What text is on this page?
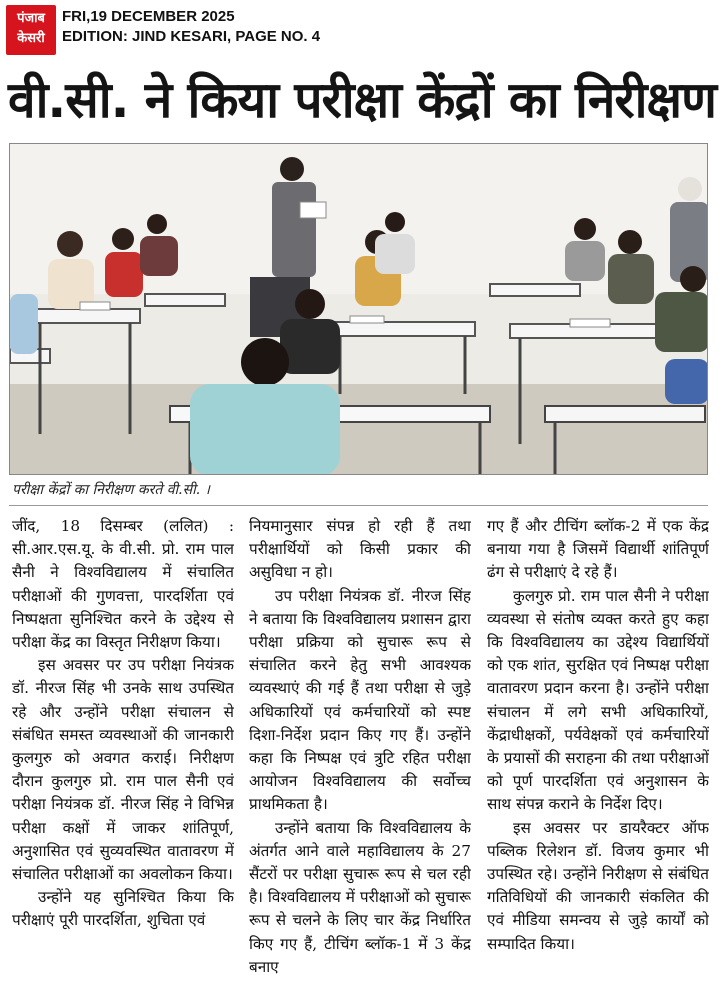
पंजाब
केसरी
FRI,19 DECEMBER 2025
EDITION: JIND KESARI, PAGE NO. 4
वी.सी. ने किया परीक्षा केंद्रों का निरीक्षण
परीक्षा केंद्रों का निरीक्षण करते वी.सी. ।

जींद, 18 दिसम्बर (ललित) : सी.आर.एस.यू. के वी.सी. प्रो. राम पाल सैनी ने विश्वविद्यालय में संचालित परीक्षाओं की गुणवत्ता, पारदर्शिता एवं निष्पक्षता सुनिश्चित करने के उद्देश्य से परीक्षा केंद्र का विस्तृत निरीक्षण किया।

इस अवसर पर उप परीक्षा नियंत्रक डॉ. नीरज सिंह भी उनके साथ उपस्थित रहे और उन्होंने परीक्षा संचालन से संबंधित समस्त व्यवस्थाओं की जानकारी कुलगुरु को अवगत कराई। निरीक्षण दौरान कुलगुरु प्रो. राम पाल सैनी एवं परीक्षा नियंत्रक डॉ. नीरज सिंह ने विभिन्न परीक्षा कक्षों में जाकर शांतिपूर्ण, अनुशासित एवं सुव्यवस्थित वातावरण में संचालित परीक्षाओं का अवलोकन किया।

उन्होंने यह सुनिश्चित किया कि परीक्षाएं पूरी पारदर्शिता, शुचिता एवं

नियमानुसार संपन्न हो रही हैं तथा परीक्षार्थियों को किसी प्रकार की असुविधा न हो।

उप परीक्षा नियंत्रक डॉ. नीरज सिंह ने बताया कि विश्वविद्यालय प्रशासन द्वारा परीक्षा प्रक्रिया को सुचारू रूप से संचालित करने हेतु सभी आवश्यक व्यवस्थाएं की गई हैं तथा परीक्षा से जुड़े अधिकारियों एवं कर्मचारियों को स्पष्ट दिशा-निर्देश प्रदान किए गए हैं। उन्होंने कहा कि निष्पक्ष एवं त्रुटि रहित परीक्षा आयोजन विश्वविद्यालय की सर्वोच्च प्राथमिकता है।

उन्होंने बताया कि विश्वविद्यालय के अंतर्गत आने वाले महाविद्यालय के 27 सैंटरों पर परीक्षा सुचारू रूप से चल रही है। विश्वविद्यालय में परीक्षाओं को सुचारू रूप से चलने के लिए चार केंद्र निर्धारित किए गए हैं, टीचिंग ब्लॉक-1 में 3 केंद्र बनाए

गए हैं और टीचिंग ब्लॉक-2 में एक केंद्र बनाया गया है जिसमें विद्यार्थी शांतिपूर्ण ढंग से परीक्षाएं दे रहे हैं।

कुलगुरु प्रो. राम पाल सैनी ने परीक्षा व्यवस्था से संतोष व्यक्त करते हुए कहा कि विश्वविद्यालय का उद्देश्य विद्यार्थियों को एक शांत, सुरक्षित एवं निष्पक्ष परीक्षा वातावरण प्रदान करना है। उन्होंने परीक्षा संचालन में लगे सभी अधिकारियों, केंद्राधीक्षकों, पर्यवेक्षकों एवं कर्मचारियों के प्रयासों की सराहना की तथा परीक्षाओं को पूर्ण पारदर्शिता एवं अनुशासन के साथ संपन्न कराने के निर्देश दिए।

इस अवसर पर डायरैक्टर ऑफ पब्लिक रिलेशन डॉ. विजय कुमार भी उपस्थित रहे। उन्होंने निरीक्षण से संबंधित गतिविधियों की जानकारी संकलित की एवं मीडिया समन्वय से जुड़े कार्यों को सम्पादित किया।
